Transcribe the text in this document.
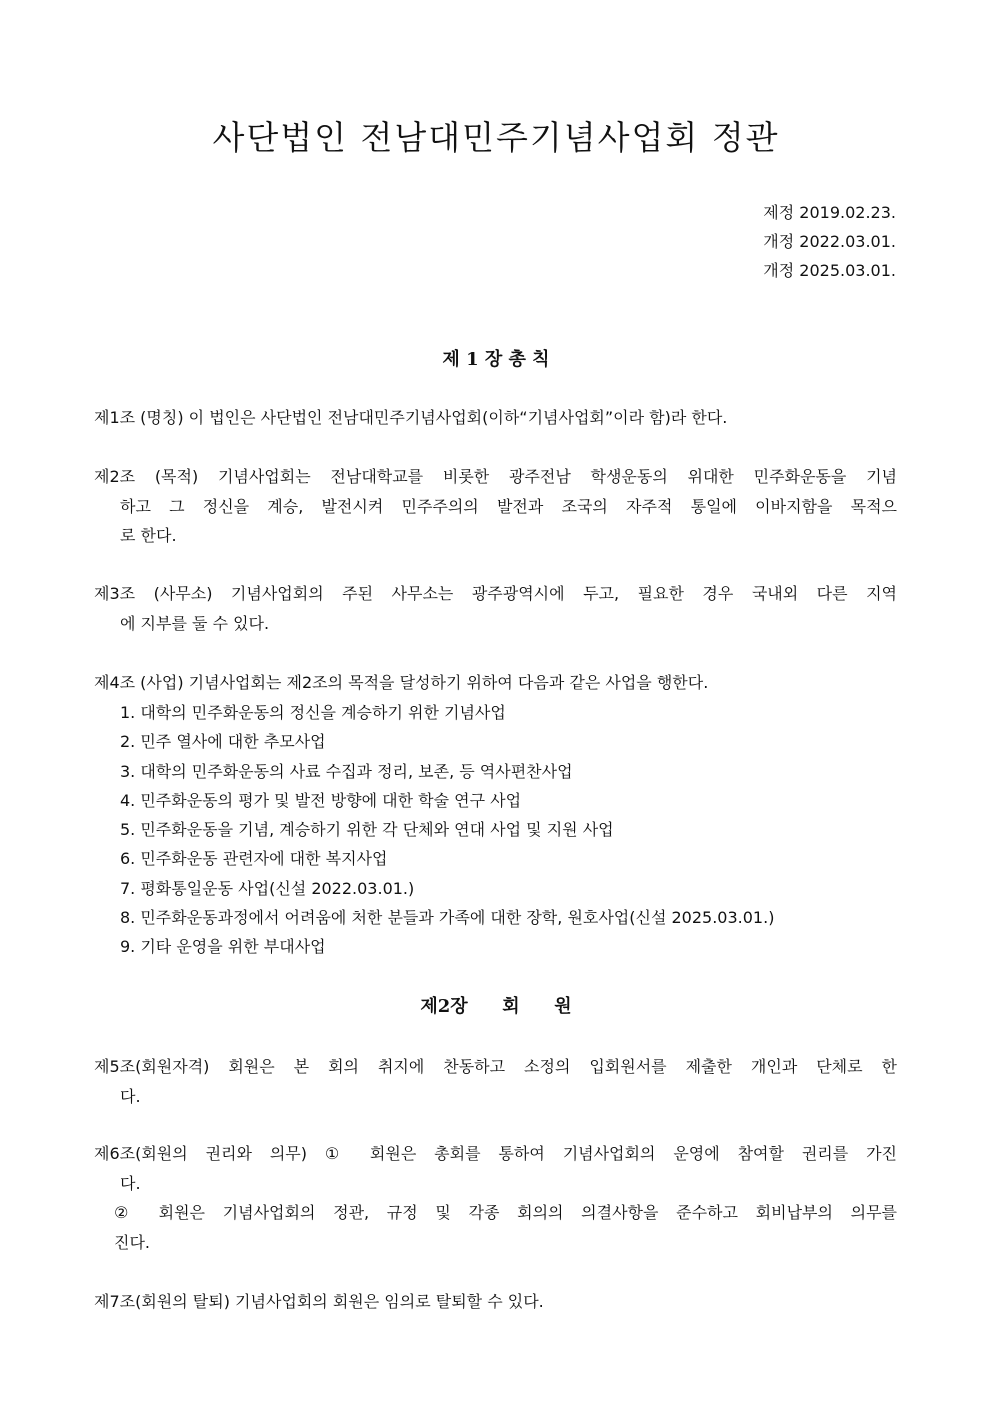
사단법인 전남대민주기념사업회 정관
제정 2019.02.23.
개정 2022.03.01.
개정 2025.03.01.
제 1 장 총 칙
제1조 (명칭) 이 법인은 사단법인 전남대민주기념사업회(이하“기념사업회”이라 함)라 한다.
제2조 (목적) 기념사업회는 전남대학교를 비롯한 광주전남 학생운동의 위대한 민주화운동을 기념
하고 그 정신을 계승, 발전시켜 민주주의의 발전과 조국의 자주적 통일에 이바지함을 목적으
로 한다.
제3조 (사무소) 기념사업회의 주된 사무소는 광주광역시에 두고, 필요한 경우 국내외 다른 지역
에 지부를 둘 수 있다.
제4조 (사업) 기념사업회는 제2조의 목적을 달성하기 위하여 다음과 같은 사업을 행한다.
1. 대학의 민주화운동의 정신을 계승하기 위한 기념사업
2. 민주 열사에 대한 추모사업
3. 대학의 민주화운동의 사료 수집과 정리, 보존, 등 역사편찬사업
4. 민주화운동의 평가 및 발전 방향에 대한 학술 연구 사업
5. 민주화운동을 기념, 계승하기 위한 각 단체와 연대 사업 및 지원 사업
6. 민주화운동 관련자에 대한 복지사업
7. 평화통일운동 사업(신설 2022.03.01.)
8. 민주화운동과정에서 어려움에 처한 분들과 가족에 대한 장학, 원호사업(신설 2025.03.01.)
9. 기타 운영을 위한 부대사업
제2장 회 원
제5조(회원자격) 회원은 본 회의 취지에 찬동하고 소정의 입회원서를 제출한 개인과 단체로 한
다.
제6조(회원의 권리와 의무) ① 회원은 총회를 통하여 기념사업회의 운영에 참여할 권리를 가진
다.
② 회원은 기념사업회의 정관, 규정 및 각종 회의의 의결사항을 준수하고 회비납부의 의무를
진다.
제7조(회원의 탈퇴) 기념사업회의 회원은 임의로 탈퇴할 수 있다.
